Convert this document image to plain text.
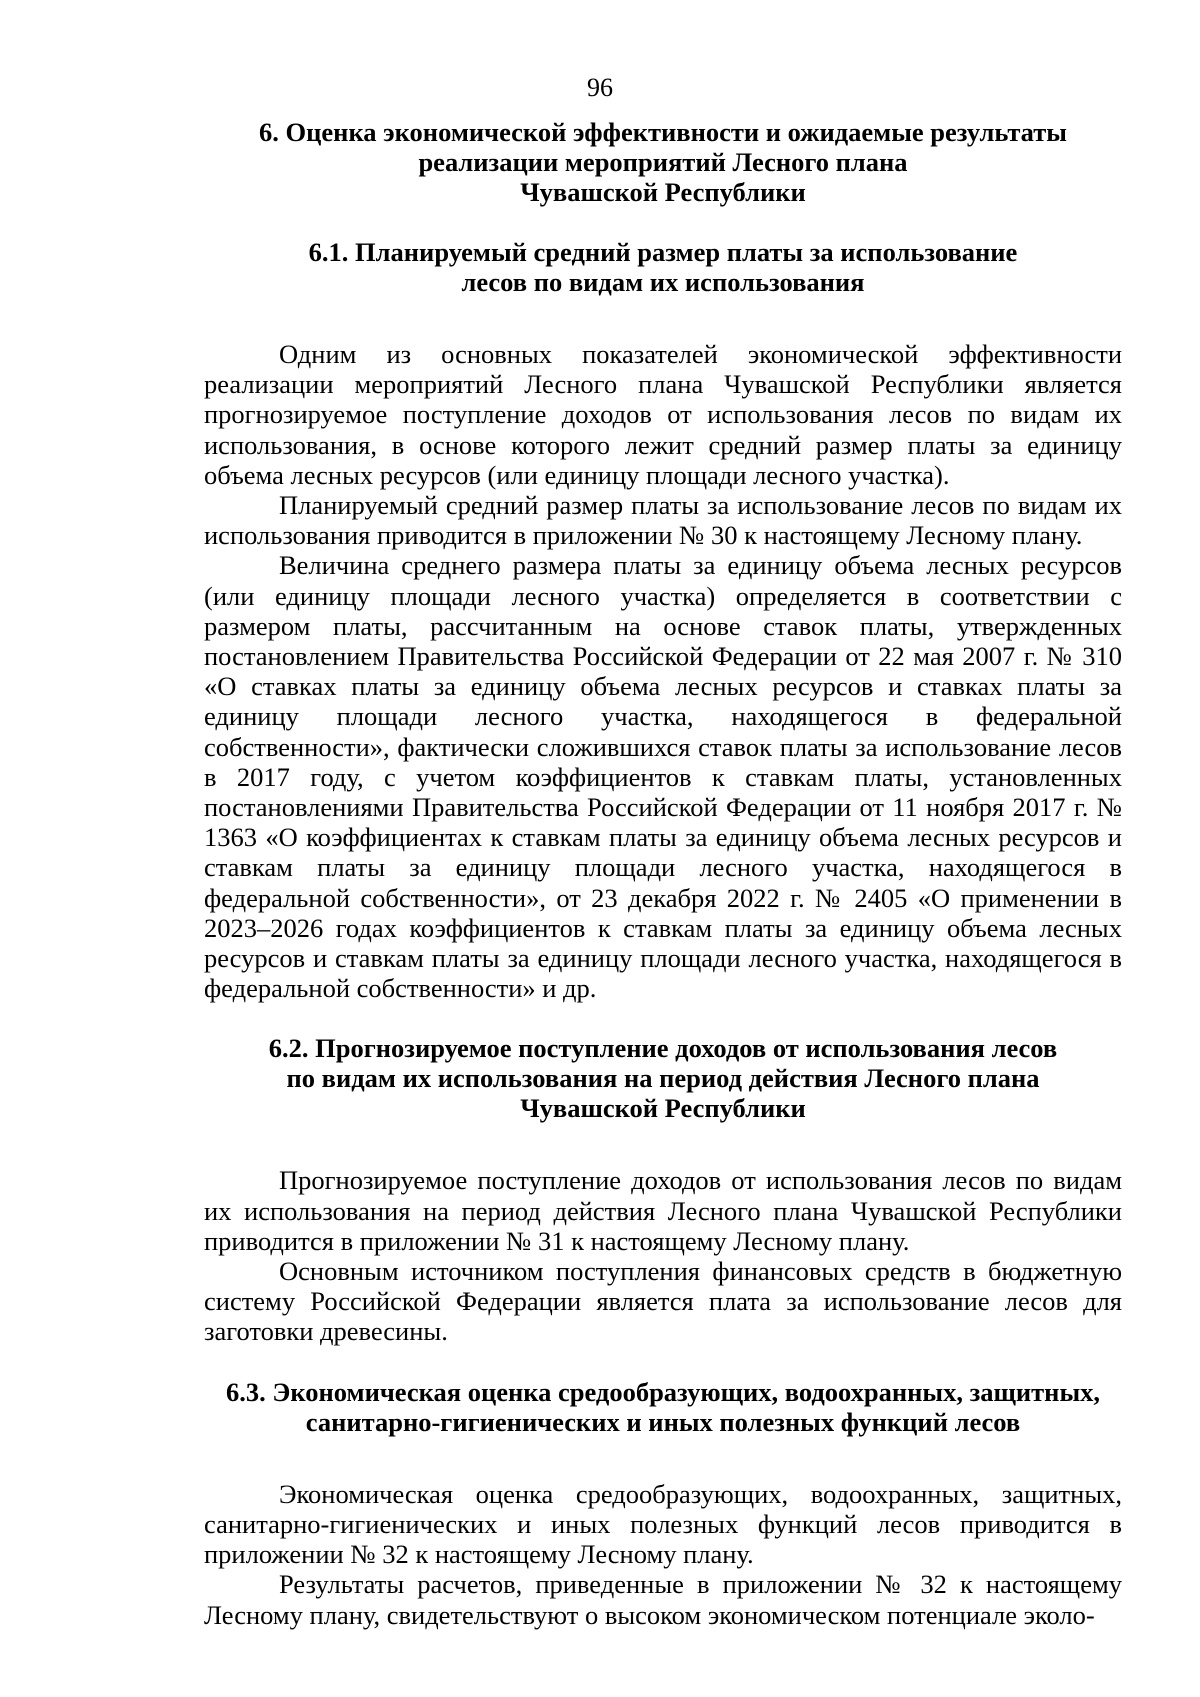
96
6. Оценка экономической эффективности и ожидаемые результаты
реализации мероприятий Лесного плана
Чувашской Республики
6.1. Планируемый средний размер платы за использование
лесов по видам их использования

Одним из основных показателей экономической эффективности реализации мероприятий Лесного плана Чувашской Республики является прогнозируемое поступление доходов от использования лесов по видам их использования, в основе которого лежит средний размер платы за единицу объема лесных ресурсов (или единицу площади лесного участка).

Планируемый средний размер платы за использование лесов по видам их использования приводится в приложении № 30 к настоящему Лесному плану.

Величина среднего размера платы за единицу объема лесных ресурсов (или единицу площади лесного участка) определяется в соответствии с размером платы, рассчитанным на основе ставок платы, утвержденных постановлением Правительства Российской Федерации от 22 мая 2007 г. № 310 «О ставках платы за единицу объема лесных ресурсов и ставках платы за единицу площади лесного участка, находящегося в федеральной собственности», фактически сложившихся ставок платы за использование лесов в 2017 году, с учетом коэффициентов к ставкам платы, установленных постановлениями Правительства Российской Федерации от 11 ноября 2017 г. № 1363 «О коэффициентах к ставкам платы за единицу объема лесных ресурсов и ставкам платы за единицу площади лесного участка, находящегося в федеральной собственности», от 23 декабря 2022 г. № 2405 «О применении в 2023–2026 годах коэффициентов к ставкам платы за единицу объема лесных ресурсов и ставкам платы за единицу площади лесного участка, находящегося в федеральной собственности» и др.

6.2. Прогнозируемое поступление доходов от использования лесов
по видам их использования на период действия Лесного плана
Чувашской Республики

Прогнозируемое поступление доходов от использования лесов по видам их использования на период действия Лесного плана Чувашской Республики приводится в приложении № 31 к настоящему Лесному плану.

Основным источником поступления финансовых средств в бюджетную систему Российской Федерации является плата за использование лесов для заготовки древесины.

6.3. Экономическая оценка средообразующих, водоохранных, защитных,
санитарно-гигиенических и иных полезных функций лесов

Экономическая оценка средообразующих, водоохранных, защитных, санитарно-гигиенических и иных полезных функций лесов приводится в приложении № 32 к настоящему Лесному плану.

Результаты расчетов, приведенные в приложении № 32 к настоящему Лесному плану, свидетельствуют о высоком экономическом потенциале эколо-
